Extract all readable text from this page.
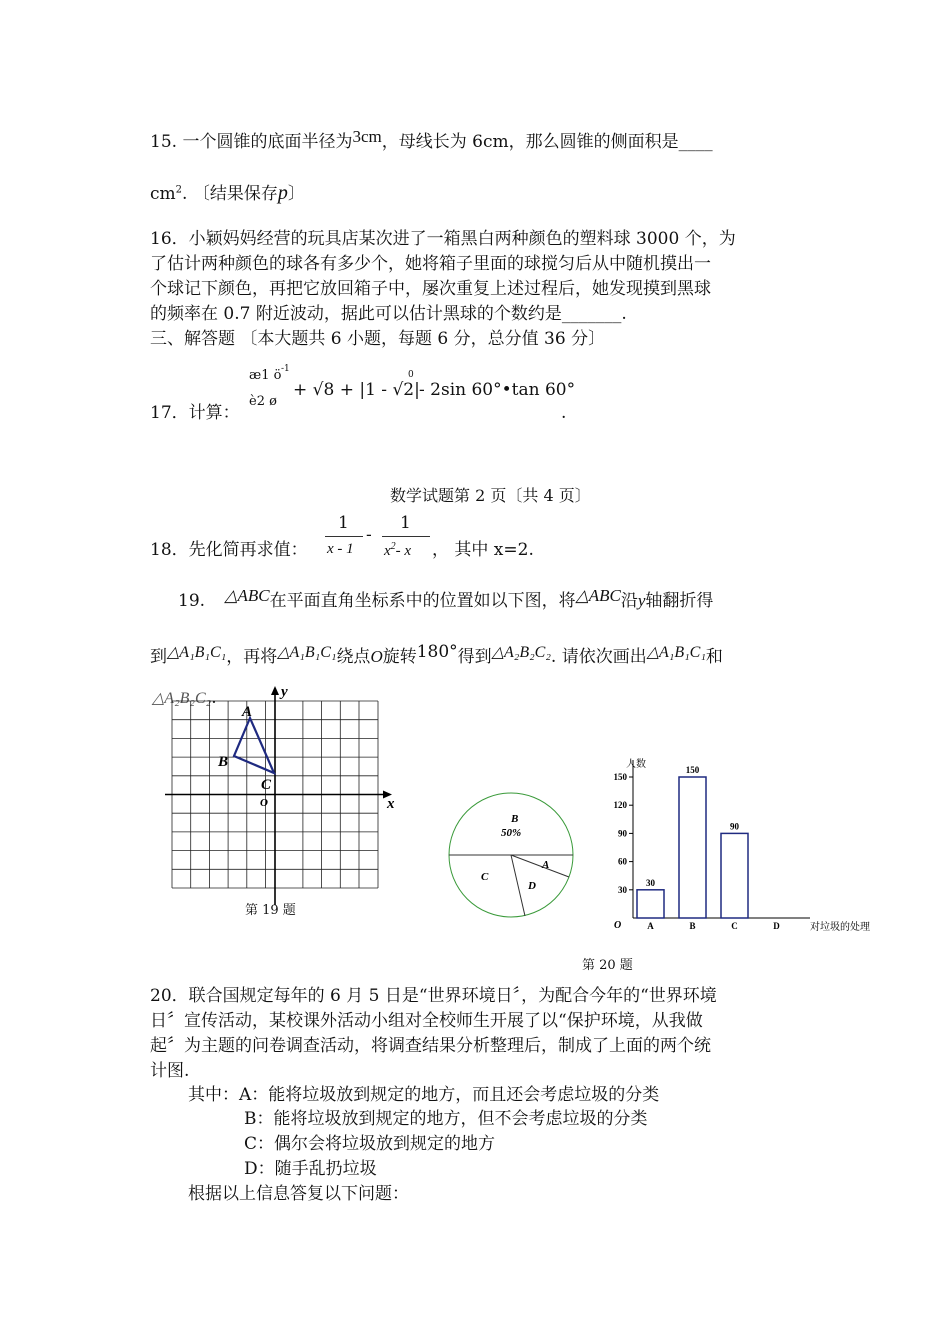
15. 一个圆锥的底面半径为3cm，母线长为 6cm，那么圆锥的侧面积是____
$cm^2$. 〔结果保存p〕
16．小颖妈妈经营的玩具店某次进了一箱黑白两种颜色的塑料球 3000 个，为
了估计两种颜色的球各有多少个，她将箱子里面的球搅匀后从中随机摸出一
个球记下颜色，再把它放回箱子中，屡次重复上述过程后，她发现摸到黑球
的频率在 0.7 附近波动，据此可以估计黑球的个数约是_______.
三、解答题 〔本大题共 6 小题，每题 6 分，总分值 36 分〕
17．计算：
æ1 ö
è2 ø
-1
+ √8 + |1 - √2|
0
- 2sin 60°•tan 60°
.
数学试题第 2 页〔共 4 页〕
18．先化简再求值：
1
x - 1
-
1
$x^2-$ x ， 其中 x=2.
19. △ABC在平面直角坐标系中的位置如以下图，将△ABC沿y轴翻折得
到△A₁B₁C₁，再将△A₁B₁C₁绕点O旋转180°得到△A₂B₂C₂. 请依次画出△A₁B₁C₁和
△A₂B₂C₂.	y
x
O
A
B
C
第 19 题
B
50%
A
C
D
人数
O	对垃圾的处理
30
60
90
120
150
30
A
150
B
90
C	D
第 20 题
20．联合国规定每年的 6 月 5 日是“世界环境日〞，为配合今年的“世界环境
日〞宣传活动，某校课外活动小组对全校师生开展了以“保护环境，从我做
起〞为主题的问卷调查活动，将调查结果分析整理后，制成了上面的两个统
计图.
其中：A：能将垃圾放到规定的地方，而且还会考虑垃圾的分类
B：能将垃圾放到规定的地方，但不会考虑垃圾的分类
C：偶尔会将垃圾放到规定的地方
D：随手乱扔垃圾
根据以上信息答复以下问题：
